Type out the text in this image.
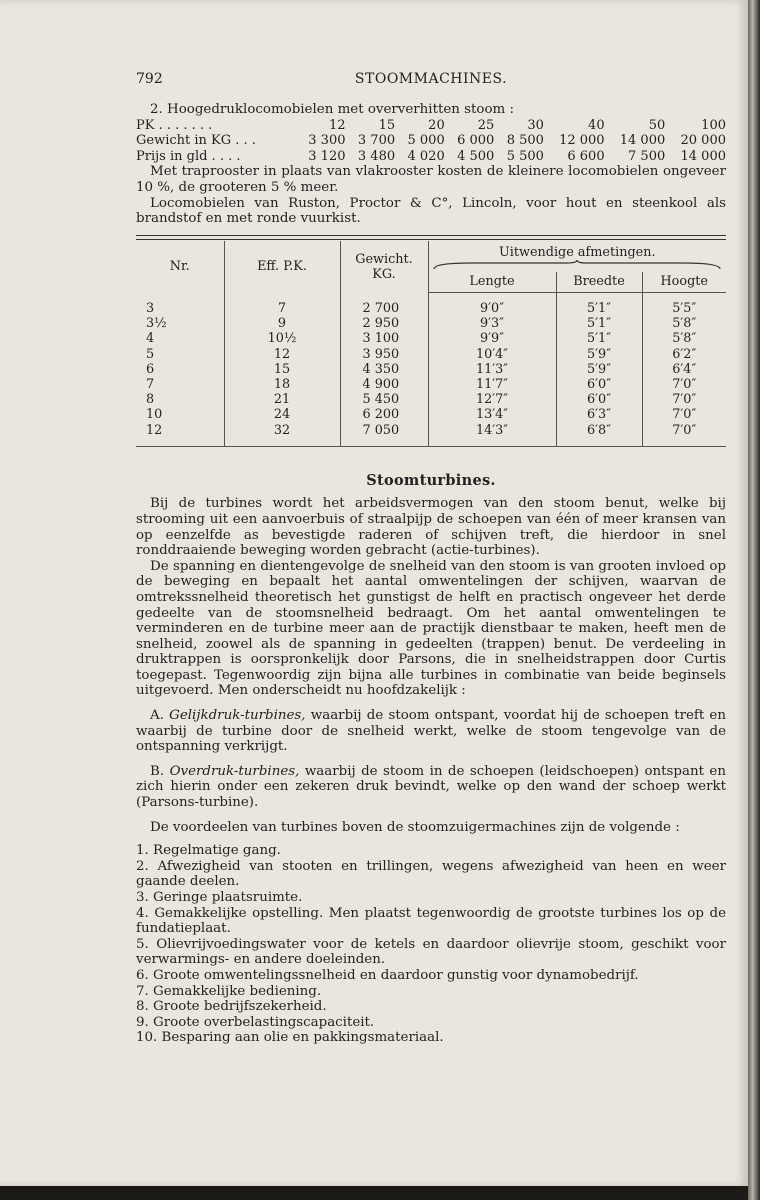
792	STOOMMACHINES.

2. Hoogedruklocomobielen met oververhitten stoom :

PK . . . . . . .	12	15	20	25	30	40	50	100
Gewicht in KG . . .	3 300	3 700	5 000	6 000	8 500	12 000	14 000	20 000
Prijs in gld . . . .	3 120	3 480	4 020	4 500	5 500	6 600	7 500	14 000

Met traprooster in plaats van vlakrooster kosten de kleinere locomobielen ongeveer 10 %, de grooteren 5 % meer.

Locomobielen van Ruston, Proctor & C°, Lincoln, voor hout en steenkool als brandstof en met ronde vuurkist.

Nr.	Eff. P.K.	Gewicht. KG.	Uitwendige afmetingen.		

			Lengte	Breedte	Hoogte
3	7	2 700	9′0″	5′1″	5′5″
3½	9	2 950	9′3″	5′1″	5′8″
4	10½	3 100	9′9″	5′1″	5′8″
5	12	3 950	10′4″	5′9″	6′2″
6	15	4 350	11′3″	5′9″	6′4″
7	18	4 900	11′7″	6′0″	7′0″
8	21	5 450	12′7″	6′0″	7′0″
10	24	6 200	13′4″	6′3″	7′0″
12	32	7 050	14′3″	6′8″	7′0″
Stoomturbines.

Bij de turbines wordt het arbeidsvermogen van den stoom benut, welke bij strooming uit een aanvoerbuis of straalpijp de schoepen van één of meer kransen van op eenzelfde as bevestigde raderen of schijven treft, die hierdoor in snel ronddraaiende beweging worden gebracht (actie-turbines).

De spanning en dientengevolge de snelheid van den stoom is van grooten invloed op de beweging en bepaalt het aantal omwentelingen der schijven, waarvan de omtrekssnelheid theoretisch het gunstigst de helft en practisch ongeveer het derde gedeelte van de stoomsnelheid bedraagt. Om het aantal omwentelingen te verminderen en de turbine meer aan de practijk dienstbaar te maken, heeft men de snelheid, zoowel als de spanning in gedeelten (trappen) benut. De verdeeling in druktrappen is oorspronkelijk door Parsons, die in snelheidstrappen door Curtis toegepast. Tegenwoordig zijn bijna alle turbines in combinatie van beide beginsels uitgevoerd. Men onderscheidt nu hoofdzakelijk :

A. Gelijkdruk-turbines, waarbij de stoom ontspant, voordat hij de schoepen treft en waarbij de turbine door de snelheid werkt, welke de stoom tengevolge van de ontspanning verkrijgt.

B. Overdruk-turbines, waarbij de stoom in de schoepen (leidschoepen) ontspant en zich hierin onder een zekeren druk bevindt, welke op den wand der schoep werkt (Parsons-turbine).

De voordeelen van turbines boven de stoomzuigermachines zijn de volgende :

1. Regelmatige gang.

2. Afwezigheid van stooten en trillingen, wegens afwezigheid van heen en weer gaande deelen.

3. Geringe plaatsruimte.

4. Gemakkelijke opstelling. Men plaatst tegenwoordig de grootste turbines los op de fundatieplaat.

5. Olievrijvoedingswater voor de ketels en daardoor olievrije stoom, geschikt voor verwarmings- en andere doeleinden.

6. Groote omwentelingssnelheid en daardoor gunstig voor dynamobedrijf.

7. Gemakkelijke bediening.

8. Groote bedrijfszekerheid.

9. Groote overbelastingscapaciteit.

10. Besparing aan olie en pakkingsmateriaal.
